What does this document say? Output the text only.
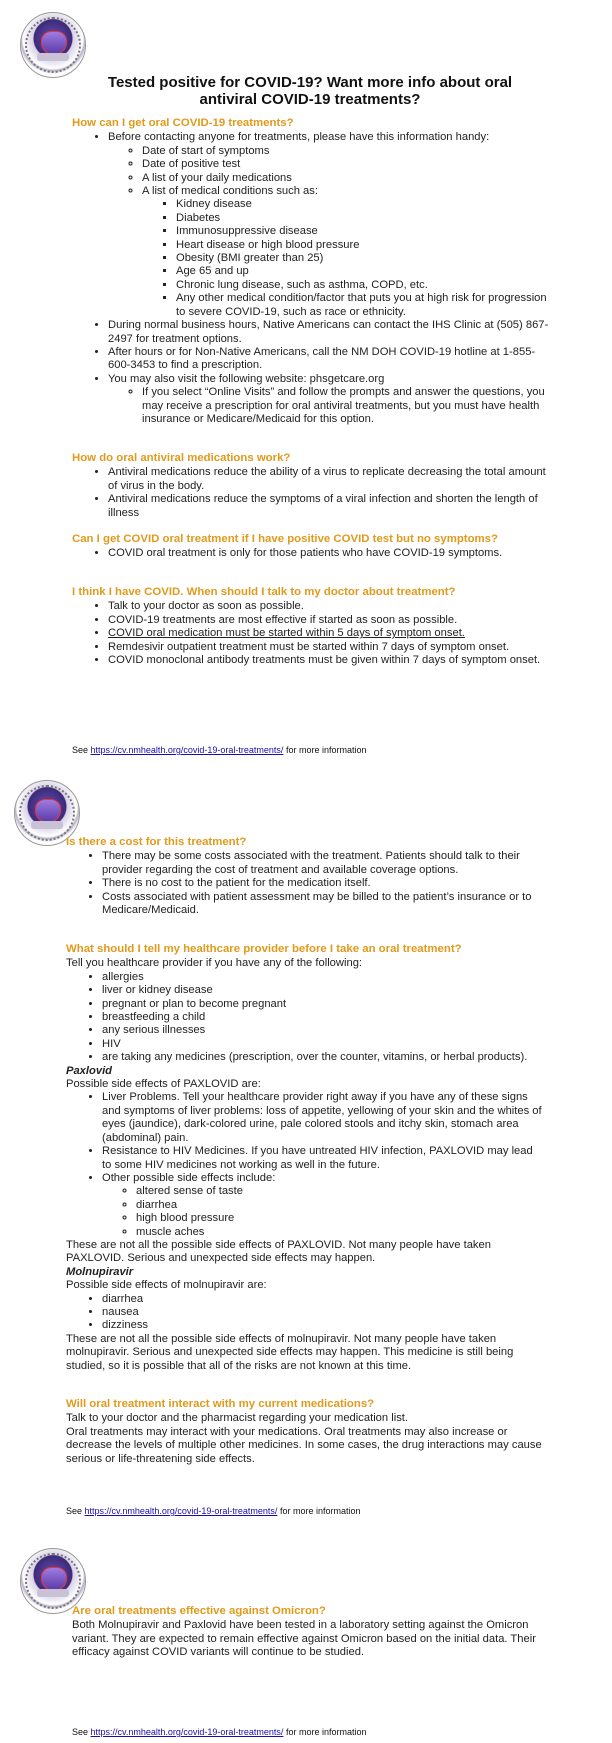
Tested positive for COVID-19? Want more info about oral antiviral COVID-19 treatments?
How can I get oral COVID-19 treatments?
• Before contacting anyone for treatments, please have this information handy:
◦ Date of start of symptoms
◦ Date of positive test
◦ A list of your daily medications
◦ A list of medical conditions such as:
▪ Kidney disease
▪ Diabetes
▪ Immunosuppressive disease
▪ Heart disease or high blood pressure
▪ Obesity (BMI greater than 25)
▪ Age 65 and up
▪ Chronic lung disease, such as asthma, COPD, etc.
▪ Any other medical condition/factor that puts you at high risk for progression to severe COVID-19, such as race or ethnicity.
• During normal business hours, Native Americans can contact the IHS Clinic at (505) 867-2497 for treatment options.
• After hours or for Non-Native Americans, call the NM DOH COVID-19 hotline at 1-855-600-3453 to find a prescription.
• You may also visit the following website: phsgetcare.org
◦ If you select “Online Visits” and follow the prompts and answer the questions, you may receive a prescription for oral antiviral treatments, but you must have health insurance or Medicare/Medicaid for this option.
How do oral antiviral medications work?
• Antiviral medications reduce the ability of a virus to replicate decreasing the total amount of virus in the body.
• Antiviral medications reduce the symptoms of a viral infection and shorten the length of illness
Can I get COVID oral treatment if I have positive COVID test but no symptoms?
• COVID oral treatment is only for those patients who have COVID-19 symptoms.
I think I have COVID. When should I talk to my doctor about treatment?
• Talk to your doctor as soon as possible.
• COVID-19 treatments are most effective if started as soon as possible.
• COVID oral medication must be started within 5 days of symptom onset.
• Remdesivir outpatient treatment must be started within 7 days of symptom onset.
• COVID monoclonal antibody treatments must be given within 7 days of symptom onset.
See https://cv.nmhealth.org/covid-19-oral-treatments/ for more information
Is there a cost for this treatment?
• There may be some costs associated with the treatment. Patients should talk to their provider regarding the cost of treatment and available coverage options.
• There is no cost to the patient for the medication itself.
• Costs associated with patient assessment may be billed to the patient’s insurance or to Medicare/Medicaid.
What should I tell my healthcare provider before I take an oral treatment?

Tell you healthcare provider if you have any of the following:

• allergies
• liver or kidney disease
• pregnant or plan to become pregnant
• breastfeeding a child
• any serious illnesses
• HIV
• are taking any medicines (prescription, over the counter, vitamins, or herbal products).

Paxlovid

Possible side effects of PAXLOVID are:

• Liver Problems. Tell your healthcare provider right away if you have any of these signs and symptoms of liver problems: loss of appetite, yellowing of your skin and the whites of eyes (jaundice), dark-colored urine, pale colored stools and itchy skin, stomach area (abdominal) pain.
• Resistance to HIV Medicines. If you have untreated HIV infection, PAXLOVID may lead to some HIV medicines not working as well in the future.
• Other possible side effects include:
◦ altered sense of taste
◦ diarrhea
◦ high blood pressure
◦ muscle aches

These are not all the possible side effects of PAXLOVID. Not many people have taken PAXLOVID. Serious and unexpected side effects may happen.

Molnupiravir

Possible side effects of molnupiravir are:

• diarrhea
• nausea
• dizziness

These are not all the possible side effects of molnupiravir. Not many people have taken molnupiravir. Serious and unexpected side effects may happen. This medicine is still being studied, so it is possible that all of the risks are not known at this time.

Will oral treatment interact with my current medications?

Talk to your doctor and the pharmacist regarding your medication list.

Oral treatments may interact with your medications. Oral treatments may also increase or decrease the levels of multiple other medicines. In some cases, the drug interactions may cause serious or life-threatening side effects.

See https://cv.nmhealth.org/covid-19-oral-treatments/ for more information
Are oral treatments effective against Omicron?

Both Molnupiravir and Paxlovid have been tested in a laboratory setting against the Omicron variant. They are expected to remain effective against Omicron based on the initial data. Their efficacy against COVID variants will continue to be studied.

See https://cv.nmhealth.org/covid-19-oral-treatments/ for more information
